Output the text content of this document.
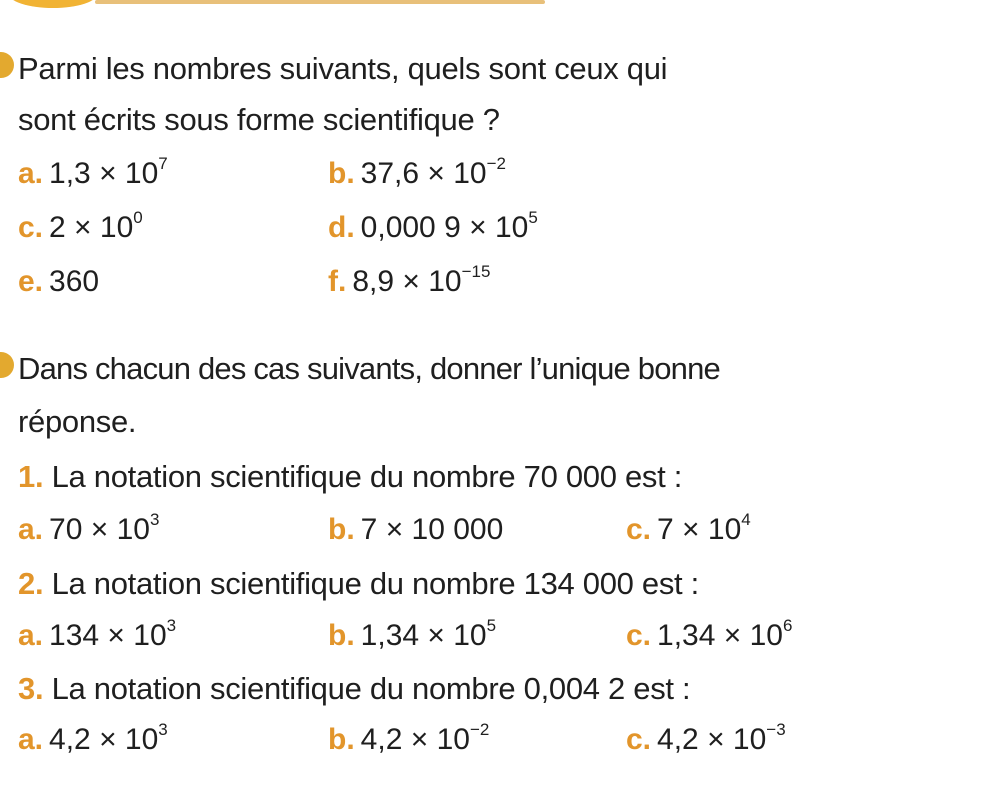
Parmi les nombres suivants, quels sont ceux qui
sont écrits sous forme scientifique ?
a. $1,3 \times 10^7$	b. $37,6 \times 10^{-2}$
c. $2 \times 10^0$	d. 0,000 $9 \times 10^5$
e. 360	f. $8,9 \times 10^{-15}$
Dans chacun des cas suivants, donner l’unique bonne
réponse.
1. La notation scientifique du nombre 70 000 est :
a. $70 \times 10^3$	b. 7 × 10 000	c. $7 \times 10^4$
2. La notation scientifique du nombre 134 000 est :
a. $134 \times 10^3$	b. $1,34 \times 10^5$	c. $1,34 \times 10^6$
3. La notation scientifique du nombre 0,004 2 est :
a. $4,2 \times 10^3$	b. $4,2 \times 10^{-2}$	c. $4,2 \times 10^{-3}$
